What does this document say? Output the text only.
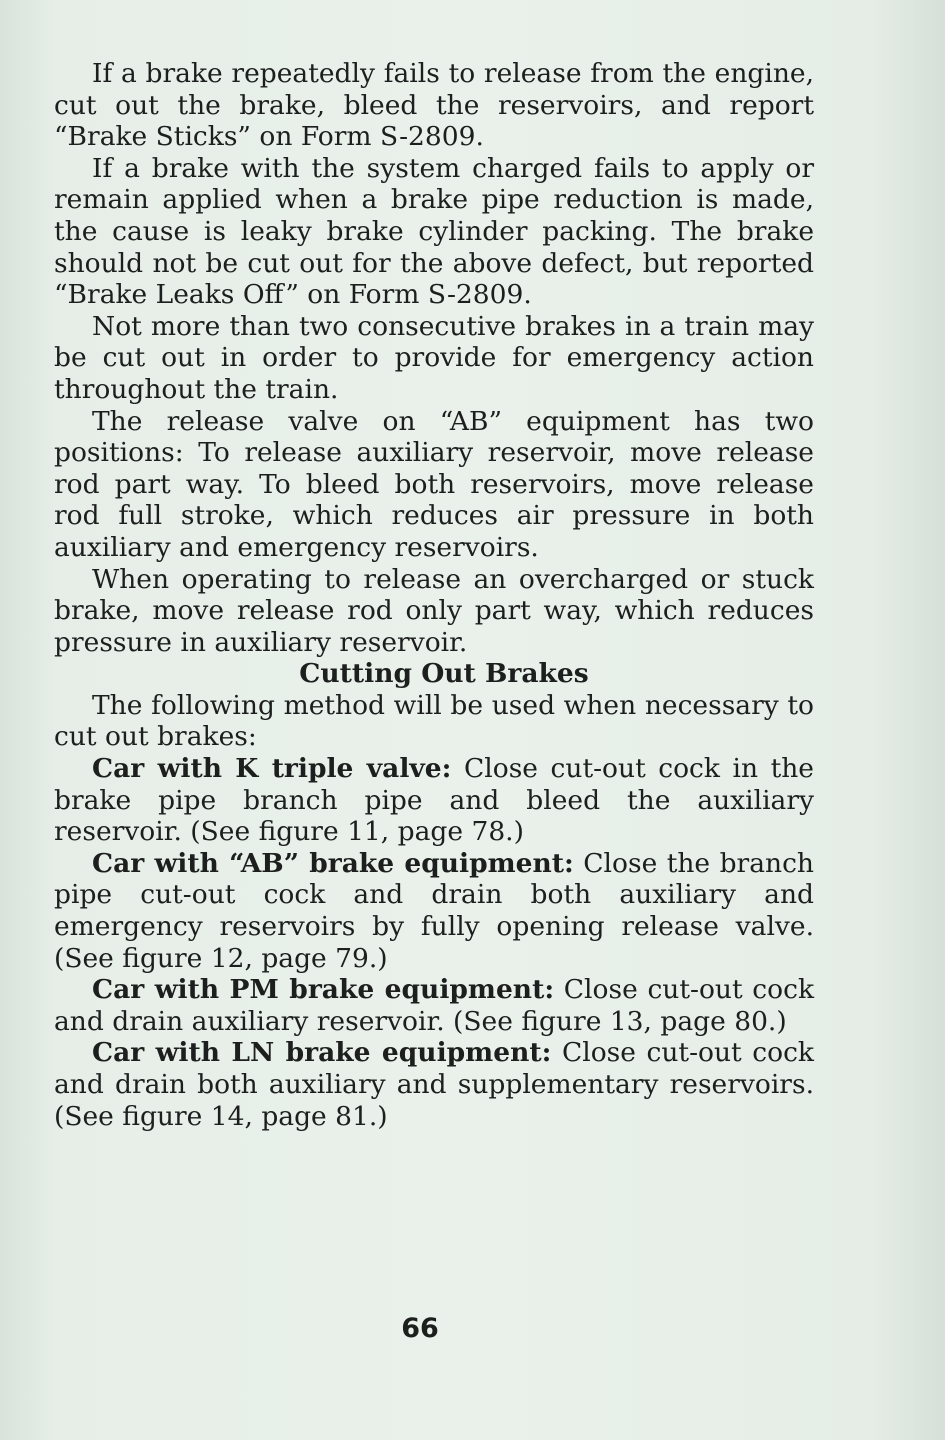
If a brake repeatedly fails to release from the engine, cut out the brake, bleed the reservoirs, and report “Brake Sticks” on Form S-2809.

If a brake with the system charged fails to apply or remain applied when a brake pipe reduction is made, the cause is leaky brake cylinder packing. The brake should not be cut out for the above defect, but reported “Brake Leaks Off” on Form S-2809.

Not more than two consecutive brakes in a train may be cut out in order to provide for emergency action throughout the train.

The release valve on “AB” equipment has two positions: To release auxiliary reservoir, move release rod part way. To bleed both reservoirs, move release rod full stroke, which reduces air pressure in both auxiliary and emergency reservoirs.

When operating to release an overcharged or stuck brake, move release rod only part way, which reduces pressure in auxiliary reservoir.

Cutting Out Brakes

The following method will be used when necessary to cut out brakes:

Car with K triple valve: Close cut-out cock in the brake pipe branch pipe and bleed the auxiliary reservoir. (See figure 11, page 78.)

Car with “AB” brake equipment: Close the branch pipe cut-out cock and drain both auxiliary and emergency reservoirs by fully opening release valve. (See figure 12, page 79.)

Car with PM brake equipment: Close cut-out cock and drain auxiliary reservoir. (See figure 13, page 80.)

Car with LN brake equipment: Close cut-out cock and drain both auxiliary and supplementary reservoirs. (See figure 14, page 81.)

66
